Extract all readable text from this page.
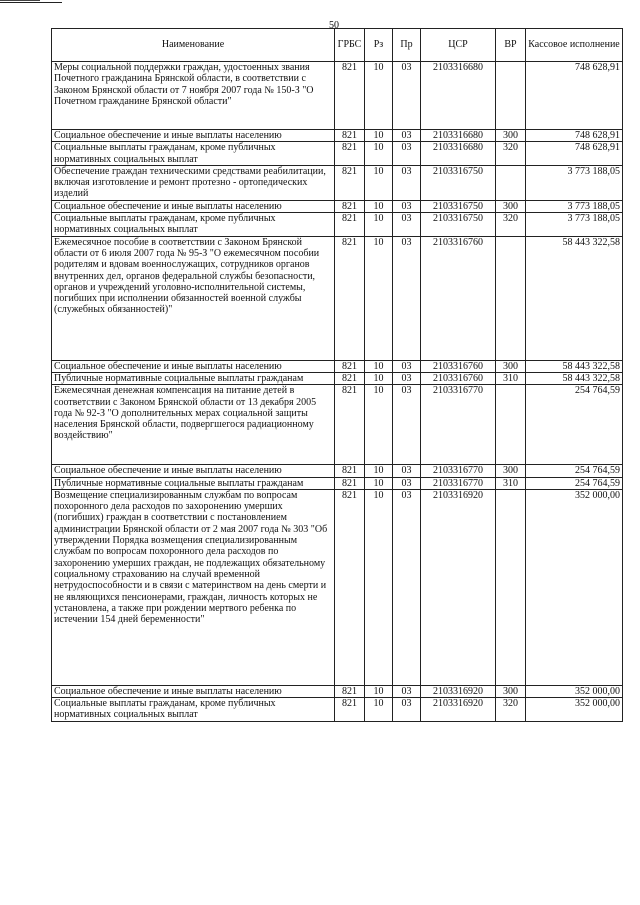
50
Наименование	ГРБС	Рз	Пр	ЦСР	ВР	Кассовое исполнение
Меры социальной поддержки граждан, удостоенных звания Почетного гражданина Брянской области, в соответствии с Законом Брянской области от 7 ноября 2007 года № 150-З "О Почетном гражданине Брянской области"	821	10	03	2103316680		748 628,91
Социальное обеспечение и иные выплаты населению	821	10	03	2103316680	300	748 628,91
Социальные выплаты гражданам, кроме публичных нормативных социальных выплат	821	10	03	2103316680	320	748 628,91
Обеспечение граждан техническими средствами реабилитации, включая изготовление и ремонт протезно - ортопедических изделий	821	10	03	2103316750		3 773 188,05
Социальное обеспечение и иные выплаты населению	821	10	03	2103316750	300	3 773 188,05
Социальные выплаты гражданам, кроме публичных нормативных социальных выплат	821	10	03	2103316750	320	3 773 188,05
Ежемесячное пособие в соответствии с Законом Брянской области от 6 июля 2007 года № 95-З "О ежемесячном пособии родителям и вдовам военнослужащих, сотрудников органов внутренних дел, органов федеральной службы безопасности, органов и учреждений уголовно-исполнительной системы, погибших при исполнении обязанностей военной службы (служебных обязанностей)"	821	10	03	2103316760		58 443 322,58
Социальное обеспечение и иные выплаты населению	821	10	03	2103316760	300	58 443 322,58
Публичные нормативные социальные выплаты гражданам	821	10	03	2103316760	310	58 443 322,58
Ежемесячная денежная компенсация на питание детей в соответствии с Законом Брянской области от 13 декабря 2005 года № 92-З "О дополнительных мерах социальной защиты населения Брянской области, подвергшегося радиационному воздействию"	821	10	03	2103316770		254 764,59
Социальное обеспечение и иные выплаты населению	821	10	03	2103316770	300	254 764,59
Публичные нормативные социальные выплаты гражданам	821	10	03	2103316770	310	254 764,59
Возмещение специализированным службам по вопросам похоронного дела расходов по захоронению умерших (погибших) граждан в соответствии с постановлением администрации Брянской области от 2 мая 2007 года № 303 "Об утверждении Порядка возмещения специализированным службам по вопросам похоронного дела расходов по захоронению умерших граждан, не подлежащих обязательному социальному страхованию на случай временной нетрудоспособности и в связи с материнством на день смерти и не являющихся пенсионерами, граждан, личность которых не установлена, а также при рождении мертвого ребенка по истечении 154 дней беременности"	821	10	03	2103316920		352 000,00
Социальное обеспечение и иные выплаты населению	821	10	03	2103316920	300	352 000,00
Социальные выплаты гражданам, кроме публичных нормативных социальных выплат	821	10	03	2103316920	320	352 000,00
